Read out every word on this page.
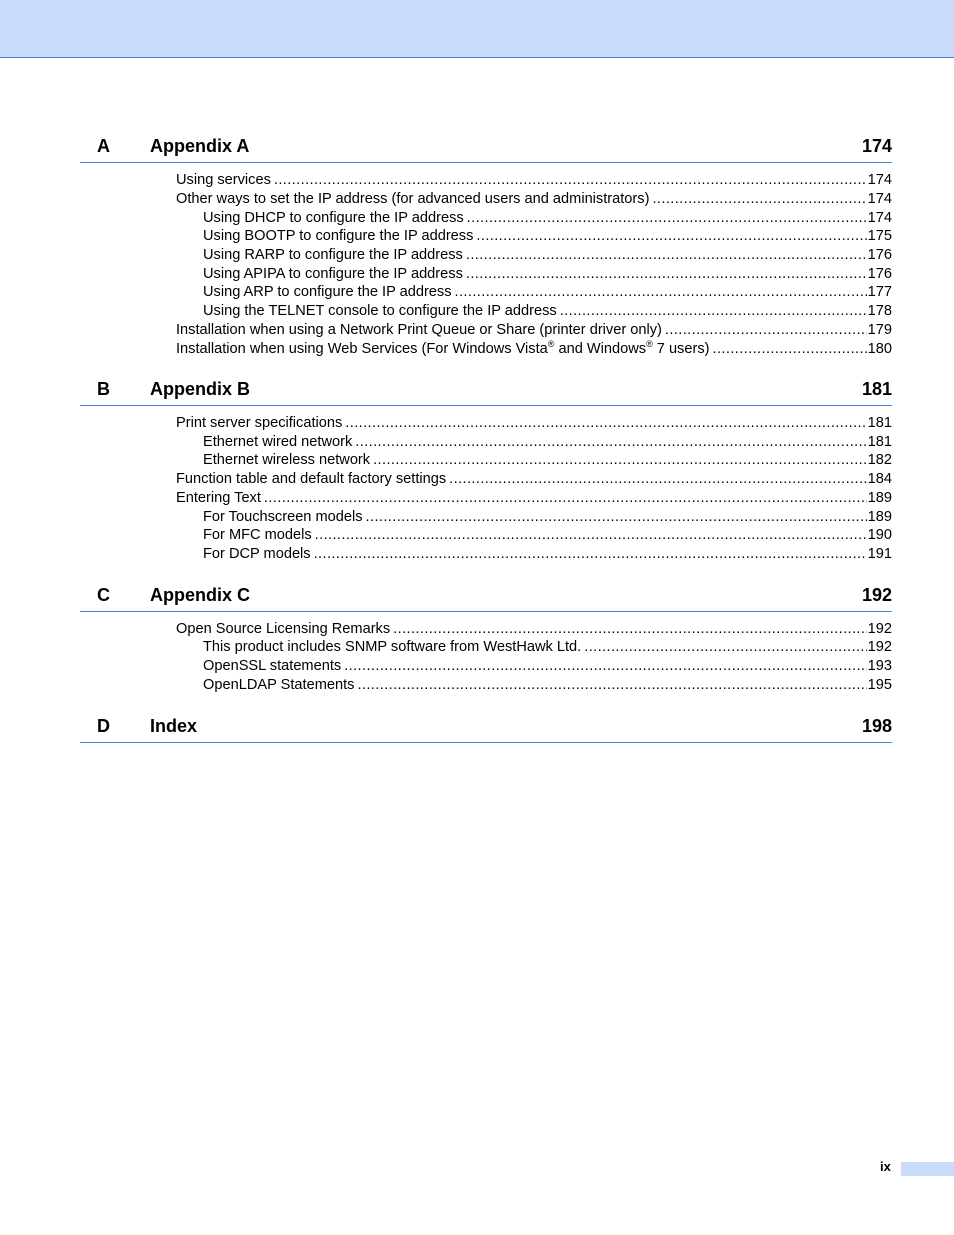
A Appendix A	174
Using services .....	174
Other ways to set the IP address (for advanced users and administrators) .....	174
Using DHCP to configure the IP address .....	174
Using BOOTP to configure the IP address .....	175
Using RARP to configure the IP address .....	176
Using APIPA to configure the IP address .....	176
Using ARP to configure the IP address .....	177
Using the TELNET console to configure the IP address .....	178
Installation when using a Network Print Queue or Share (printer driver only) .....	179
Installation when using Web Services (For Windows Vista® and Windows® 7 users) .....	180
B Appendix B	181
Print server specifications .....	181
Ethernet wired network .....	181
Ethernet wireless network .....	182
Function table and default factory settings .....	184
Entering Text .....	189
For Touchscreen models .....	189
For MFC models .....	190
For DCP models .....	191
C Appendix C	192
Open Source Licensing Remarks .....	192
This product includes SNMP software from WestHawk Ltd. .....	192
OpenSSL statements .....	193
OpenLDAP Statements .....	195
D Index	198
ix
